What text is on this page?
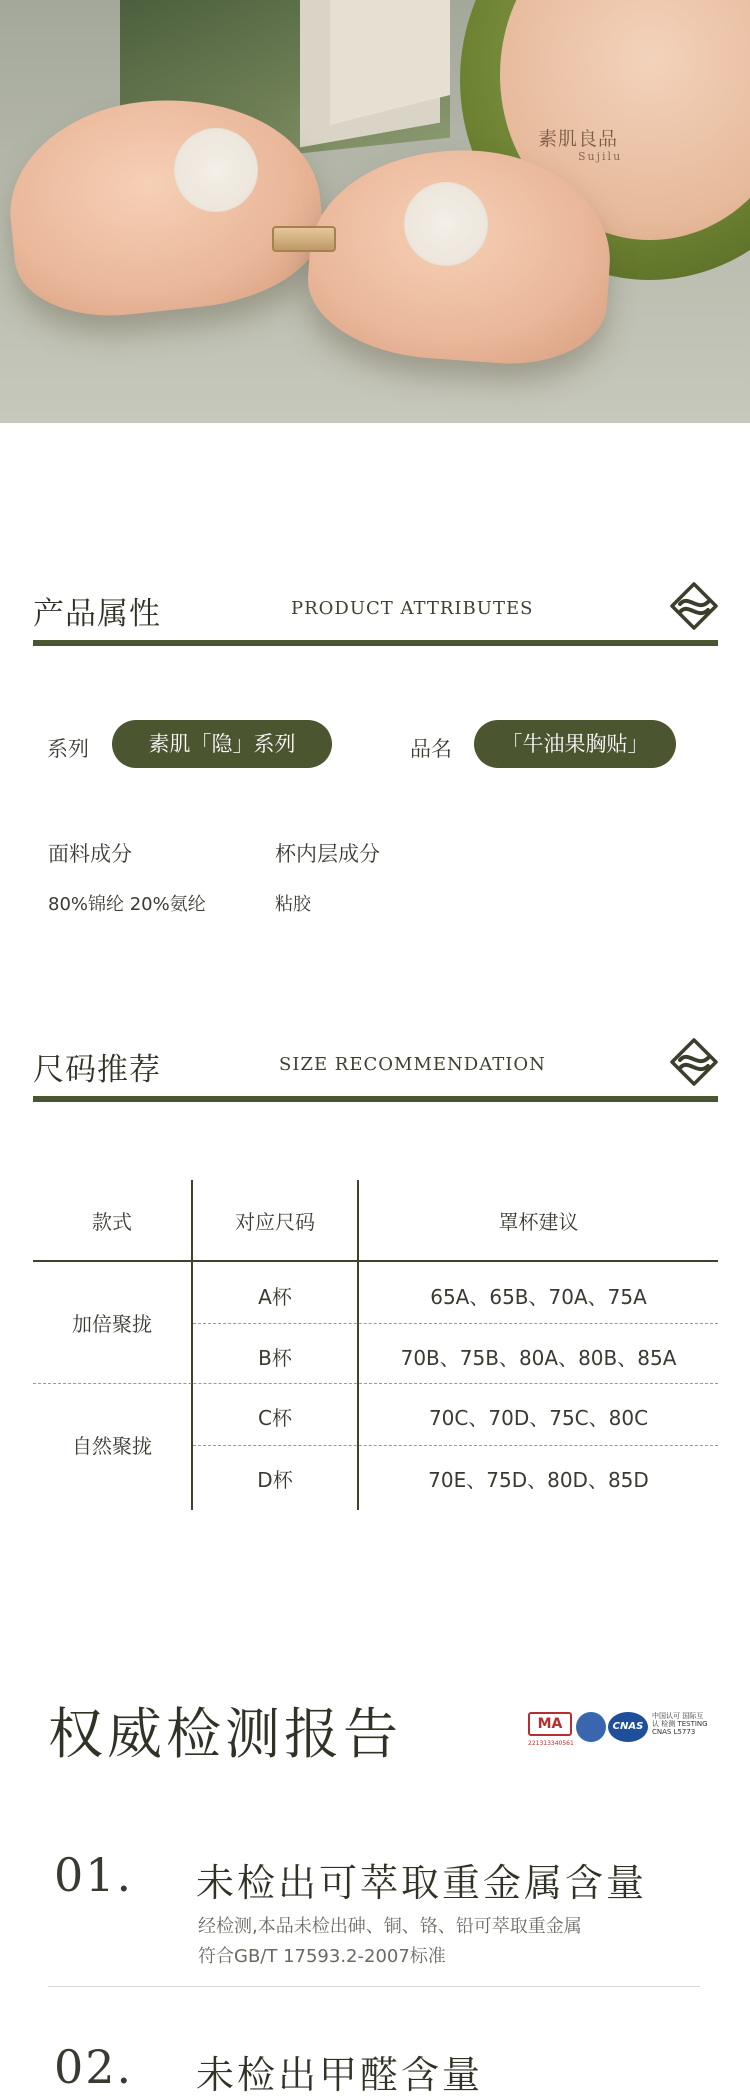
素肌良品
Sujilu
产品属性	PRODUCT ATTRIBUTES
系列	素肌「隐」系列	品名	「牛油果胸贴」
面料成分
80%锦纶 20%氨纶
杯内层成分
粘胶
尺码推荐	SIZE RECOMMENDATION
款式	对应尺码	罩杯建议
加倍聚拢
A杯	65A、65B、70A、75A
B杯	70B、75B、80A、80B、85A
自然聚拢
C杯	70C、70D、75C、80C
D杯	70E、75D、80D、85D
权威检测报告	MA
221313340561
CNAS
中国认可 国际互认 检测 TESTING CNAS L5773
01. 未检出可萃取重金属含量
经检测,本品未检出砷、铜、铬、铅可萃取重金属
符合GB/T 17593.2-2007标准
02. 未检出甲醛含量
